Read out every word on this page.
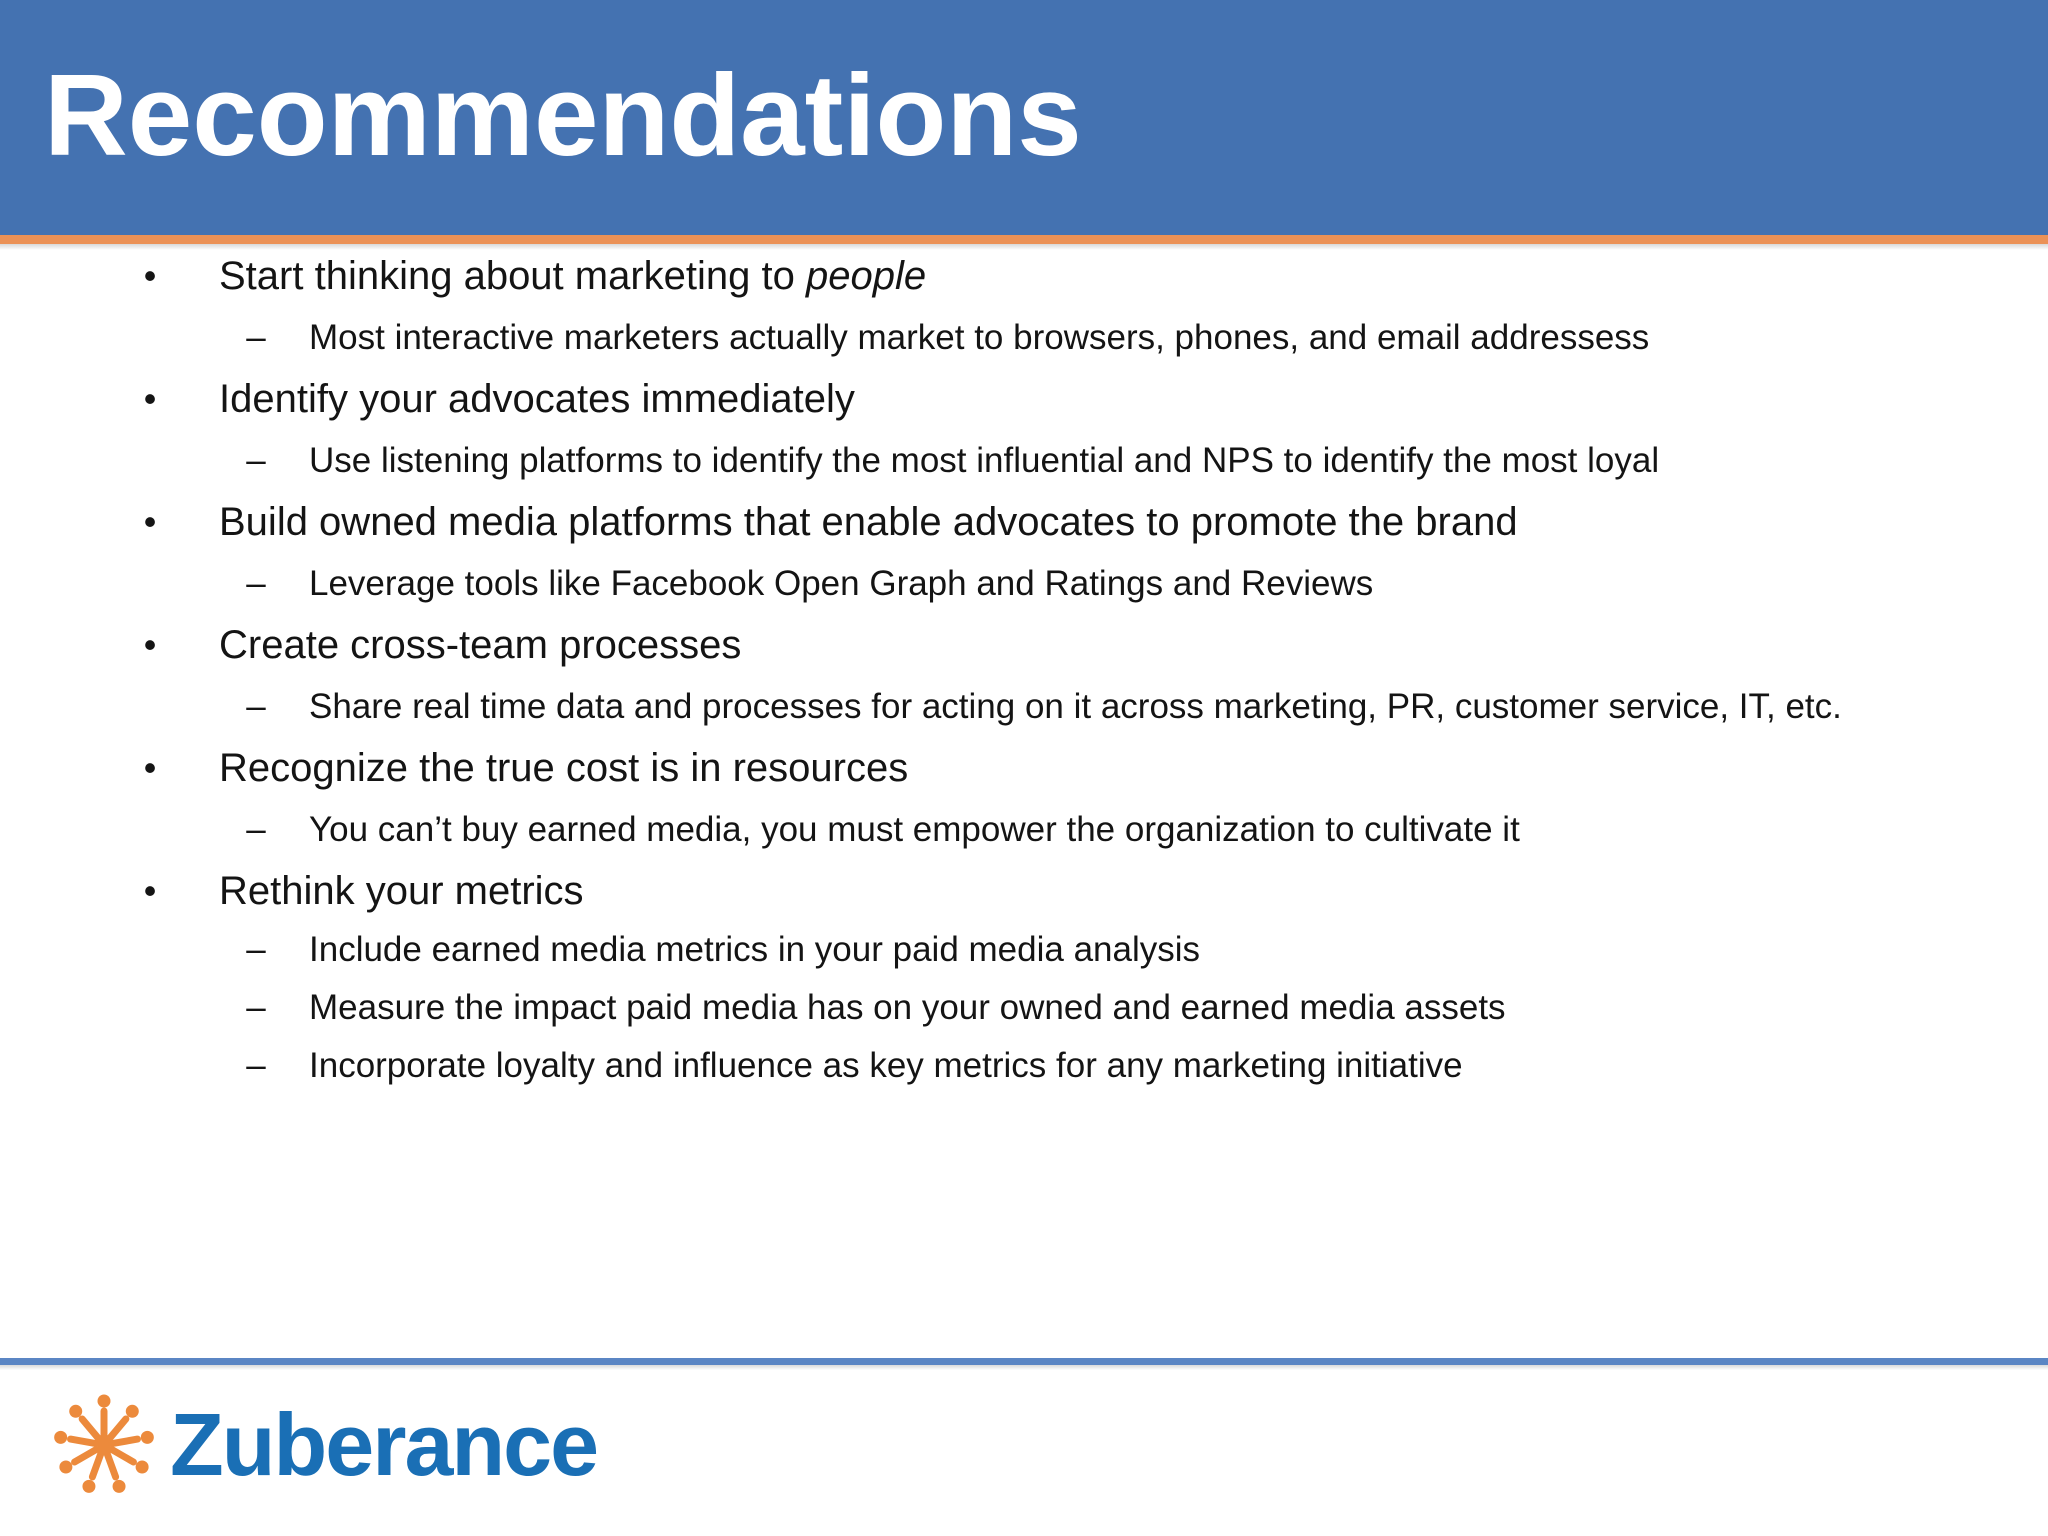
Recommendations
•	Start thinking about marketing to people
–	Most interactive marketers actually market to browsers, phones, and email addressess
•	Identify your advocates immediately
–	Use listening platforms to identify the most influential and NPS to identify the most loyal
•	Build owned media platforms that enable advocates to promote the brand
–	Leverage tools like Facebook Open Graph and Ratings and Reviews
•	Create cross-team processes
–	Share real time data and processes for acting on it across marketing, PR, customer service, IT, etc.
•	Recognize the true cost is in resources
–	You can’t buy earned media, you must empower the organization to cultivate it
•	Rethink your metrics
–	Include earned media metrics in your paid media analysis
–	Measure the impact paid media has on your owned and earned media assets
–	Incorporate loyalty and influence as key metrics for any marketing initiative
Zuberance
